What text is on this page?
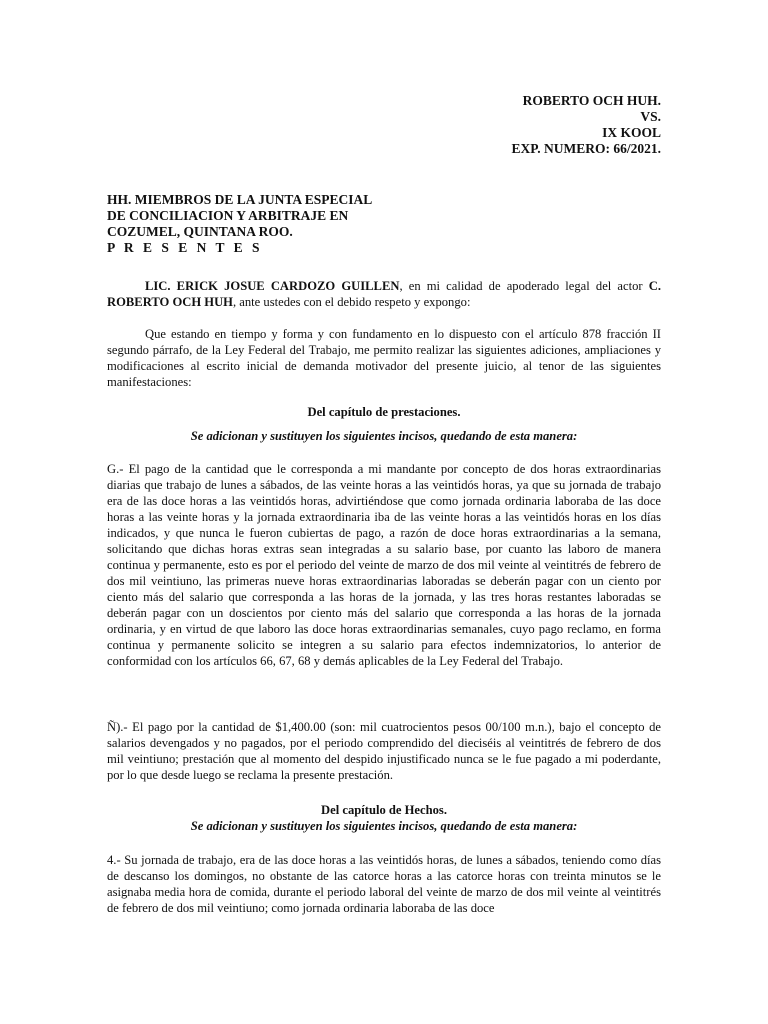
ROBERTO OCH HUH.
VS.
IX KOOL
EXP. NUMERO: 66/2021.
HH. MIEMBROS DE LA JUNTA ESPECIAL
DE CONCILIACION Y ARBITRAJE EN
COZUMEL, QUINTANA ROO.
P R E S E N T E S

LIC. ERICK JOSUE CARDOZO GUILLEN, en mi calidad de apoderado legal del actor C. ROBERTO OCH HUH, ante ustedes con el debido respeto y expongo:

Que estando en tiempo y forma y con fundamento en lo dispuesto con el artículo 878 fracción II segundo párrafo, de la Ley Federal del Trabajo, me permito realizar las siguientes adiciones, ampliaciones y modificaciones al escrito inicial de demanda motivador del presente juicio, al tenor de las siguientes manifestaciones:

Del capítulo de prestaciones.

Se adicionan y sustituyen los siguientes incisos, quedando de esta manera:

G.- El pago de la cantidad que le corresponda a mi mandante por concepto de dos horas extraordinarias diarias que trabajo de lunes a sábados, de las veinte horas a las veintidós horas, ya que su jornada de trabajo era de las doce horas a las veintidós horas, advirtiéndose que como jornada ordinaria laboraba de las doce horas a las veinte horas y la jornada extraordinaria iba de las veinte horas a las veintidós horas en los días indicados, y que nunca le fueron cubiertas de pago, a razón de doce horas extraordinarias a la semana, solicitando que dichas horas extras sean integradas a su salario base, por cuanto las laboro de manera continua y permanente, esto es por el periodo del veinte de marzo de dos mil veinte al veintitrés de febrero de dos mil veintiuno, las primeras nueve horas extraordinarias laboradas se deberán pagar con un ciento por ciento más del salario que corresponda a las horas de la jornada, y las tres horas restantes laboradas se deberán pagar con un doscientos por ciento más del salario que corresponda a las horas de la jornada ordinaria, y en virtud de que laboro las doce horas extraordinarias semanales, cuyo pago reclamo, en forma continua y permanente solicito se integren a su salario para efectos indemnizatorios, lo anterior de conformidad con los artículos 66, 67, 68 y demás aplicables de la Ley Federal del Trabajo.

Ñ).- El pago por la cantidad de $1,400.00 (son: mil cuatrocientos pesos 00/100 m.n.), bajo el concepto de salarios devengados y no pagados, por el periodo comprendido del dieciséis al veintitrés de febrero de dos mil veintiuno; prestación que al momento del despido injustificado nunca se le fue pagado a mi poderdante, por lo que desde luego se reclama la presente prestación.

Del capítulo de Hechos.

Se adicionan y sustituyen los siguientes incisos, quedando de esta manera:

4.- Su jornada de trabajo, era de las doce horas a las veintidós horas, de lunes a sábados, teniendo como días de descanso los domingos, no obstante de las catorce horas a las catorce horas con treinta minutos se le asignaba media hora de comida, durante el periodo laboral del veinte de marzo de dos mil veinte al veintitrés de febrero de dos mil veintiuno; como jornada ordinaria laboraba de las doce
